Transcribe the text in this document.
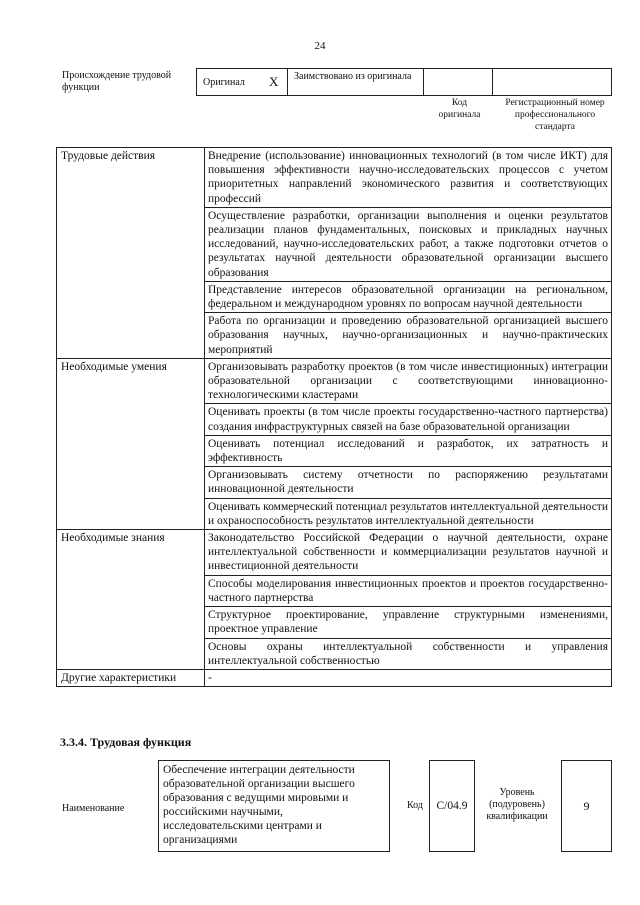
24
Происхождение трудовой функции	Оригинал X	Заимствовано из оригинала
Код оригинала
Регистрационный номер профессионального стандарта
Трудовые действия	Внедрение (использование) инновационных технологий (в том числе ИКТ) для повышения эффективности научно-исследовательских процессов с учетом приоритетных направлений экономического развития и соответствующих профессий
	Осуществление разработки, организации выполнения и оценки результатов реализации планов фундаментальных, поисковых и прикладных научных исследований, научно-исследовательских работ, а также подготовки отчетов о результатах научной деятельности образовательной организации высшего образования
	Представление интересов образовательной организации на региональном, федеральном и международном уровнях по вопросам научной деятельности
	Работа по организации и проведению образовательной организацией высшего образования научных, научно-организационных и научно-практических мероприятий
Необходимые умения	Организовывать разработку проектов (в том числе инвестиционных) интеграции образовательной организации с соответствующими инновационно-технологическими кластерами
	Оценивать проекты (в том числе проекты государственно-частного партнерства) создания инфраструктурных связей на базе образовательной организации
	Оценивать потенциал исследований и разработок, их затратность и эффективность
	Организовывать систему отчетности по распоряжению результатами инновационной деятельности
	Оценивать коммерческий потенциал результатов интеллектуальной деятельности и охраноспособность результатов интеллектуальной деятельности
Необходимые знания	Законодательство Российской Федерации о научной деятельности, охране интеллектуальной собственности и коммерциализации результатов научной и инвестиционной деятельности
	Способы моделирования инвестиционных проектов и проектов государственно-частного партнерства
	Структурное проектирование, управление структурными изменениями, проектное управление
	Основы охраны интеллектуальной собственности и управления интеллектуальной собственностью
Другие характеристики	-
3.3.4. Трудовая функция
Наименование
Обеспечение интеграции деятельности образовательной организации высшего образования с ведущими мировыми и российскими научными, исследовательскими центрами и организациями
Код	C/04.9
Уровень (подуровень) квалификации
9
